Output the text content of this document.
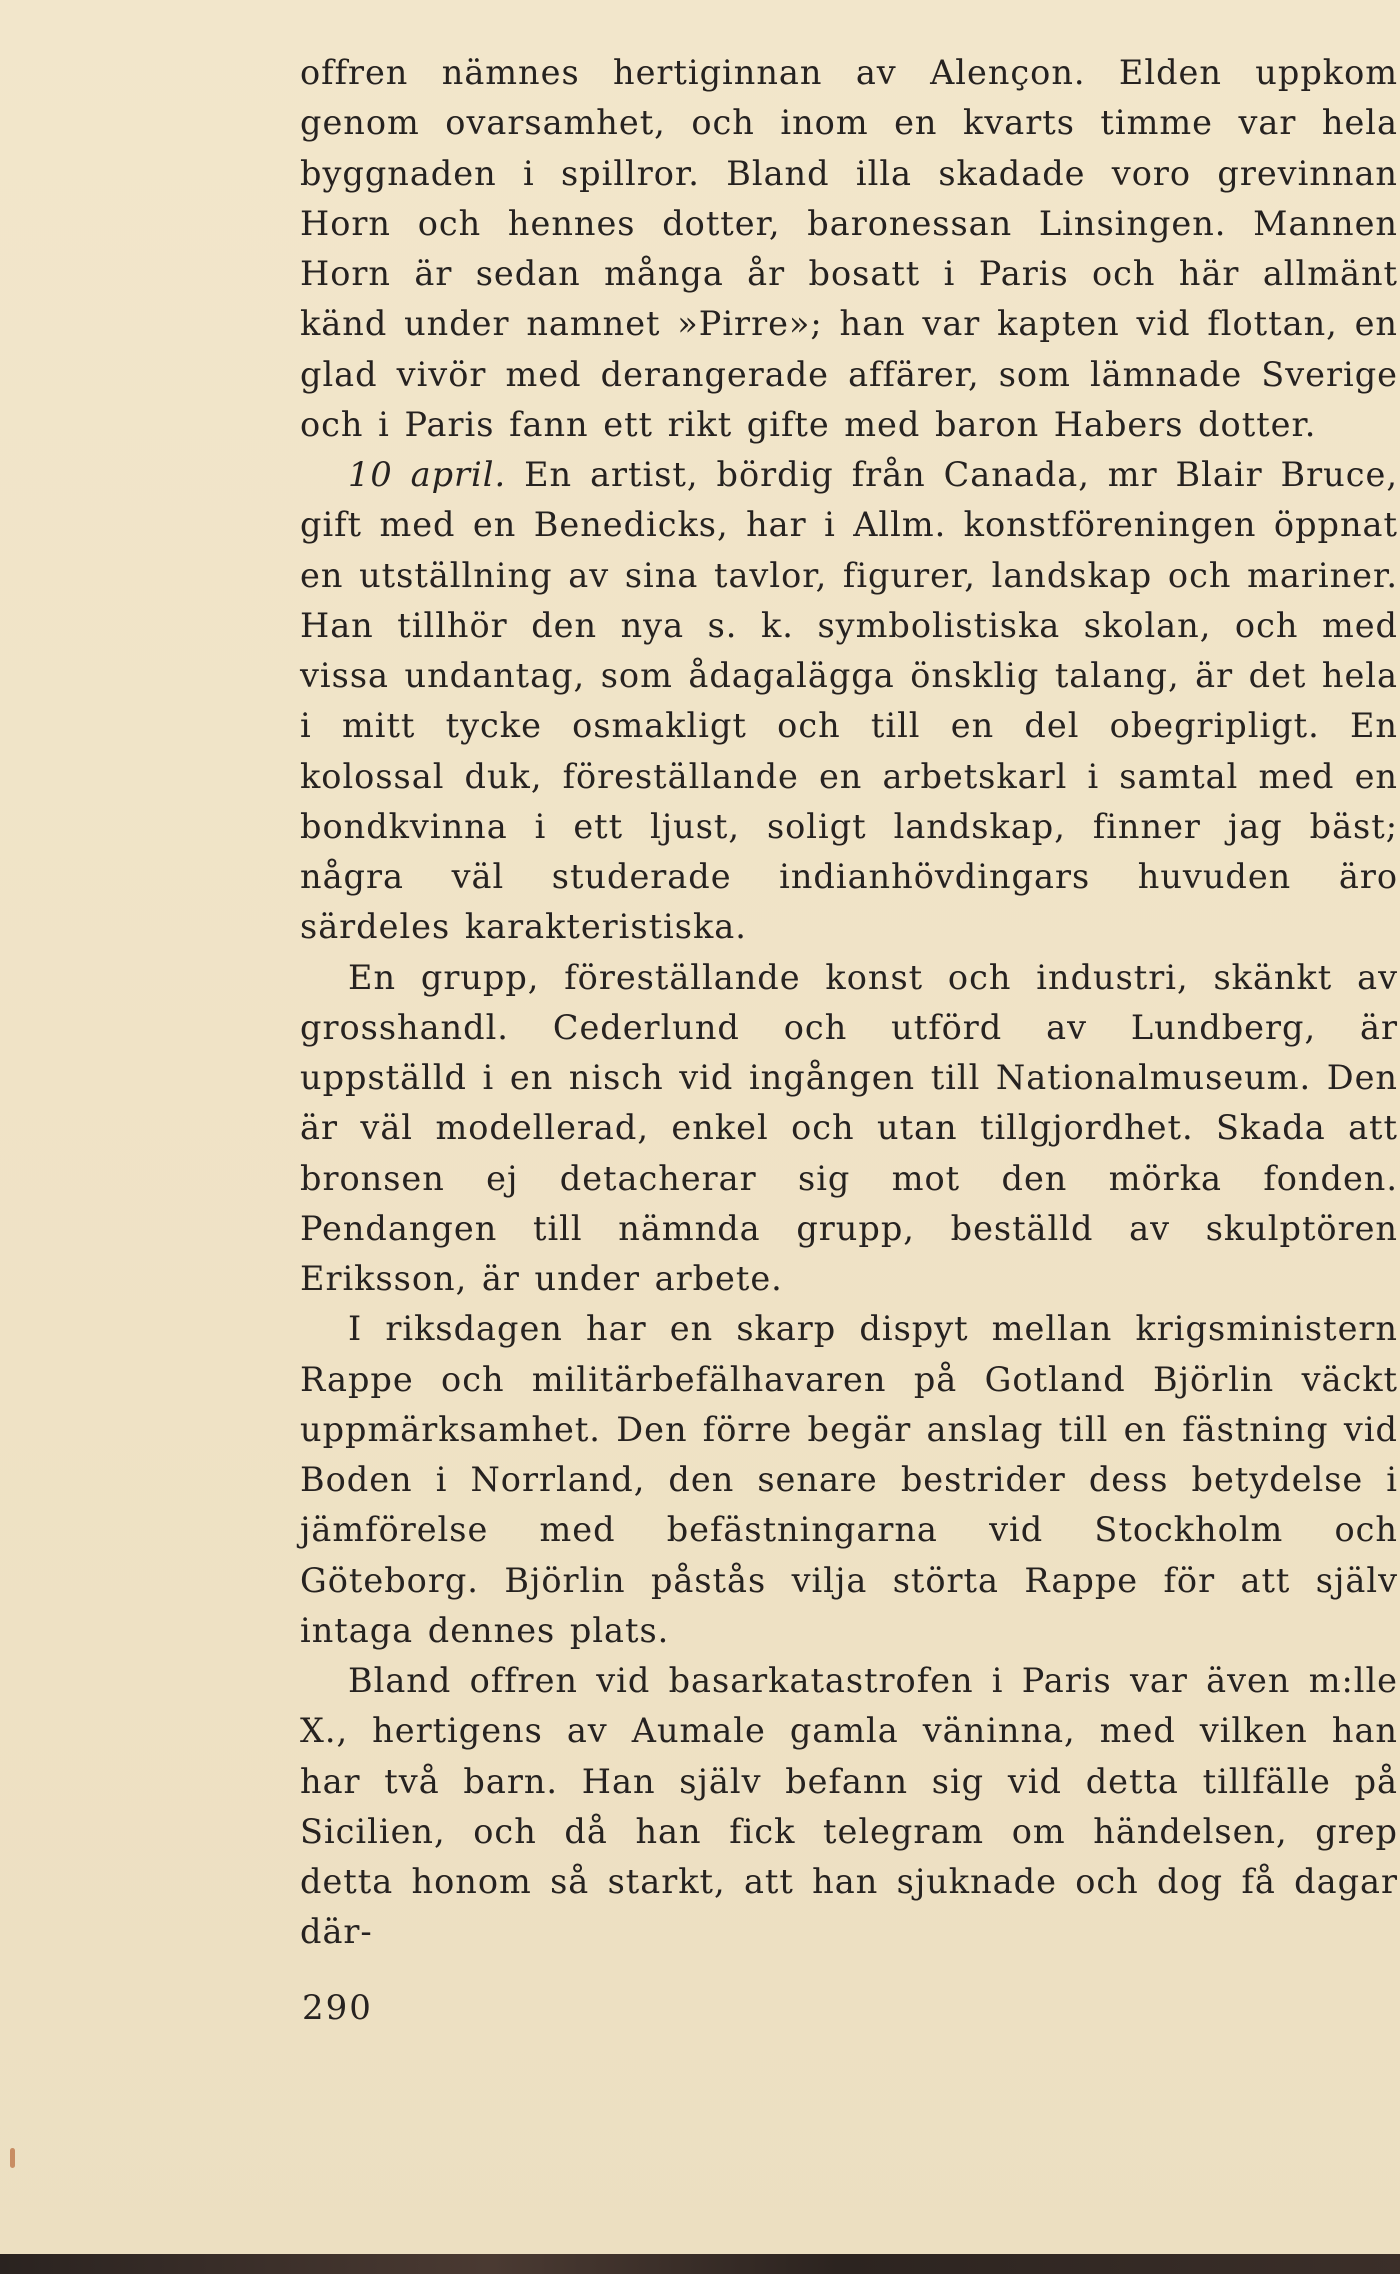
offren nämnes hertiginnan av Alençon. Elden uppkom genom ovarsamhet, och inom en kvarts timme var hela byggnaden i spillror. Bland illa skadade voro grevinnan Horn och hennes dotter, baronessan Linsingen. Mannen Horn är sedan många år bosatt i Paris och här allmänt känd under namnet »Pirre»; han var kapten vid flottan, en glad vivör med derangerade affärer, som lämnade Sverige och i Paris fann ett rikt gifte med baron Habers dotter.

10 april. En artist, bördig från Canada, mr Blair Bruce, gift med en Benedicks, har i Allm. konstföreningen öppnat en utställning av sina tavlor, figurer, landskap och mariner. Han tillhör den nya s. k. symbolistiska skolan, och med vissa undantag, som ådagalägga önsklig talang, är det hela i mitt tycke osmakligt och till en del obegripligt. En kolossal duk, föreställande en arbetskarl i samtal med en bondkvinna i ett ljust, soligt landskap, finner jag bäst; några väl studerade indianhövdingars huvuden äro särdeles karakteristiska.

En grupp, föreställande konst och industri, skänkt av grosshandl. Cederlund och utförd av Lundberg, är uppställd i en nisch vid ingången till Nationalmuseum. Den är väl modellerad, enkel och utan tillgjordhet. Skada att bronsen ej detacherar sig mot den mörka fonden. Pendangen till nämnda grupp, beställd av skulptören Eriksson, är under arbete.

I riksdagen har en skarp dispyt mellan krigsministern Rappe och militärbefälhavaren på Gotland Björlin väckt uppmärksamhet. Den förre begär anslag till en fästning vid Boden i Norrland, den senare bestrider dess betydelse i jämförelse med befästningarna vid Stockholm och Göteborg. Björlin påstås vilja störta Rappe för att själv intaga dennes plats.

Bland offren vid basarkatastrofen i Paris var även m:lle X., hertigens av Aumale gamla väninna, med vilken han har två barn. Han själv befann sig vid detta tillfälle på Sicilien, och då han fick telegram om händelsen, grep detta honom så starkt, att han sjuknade och dog få dagar där-

290
